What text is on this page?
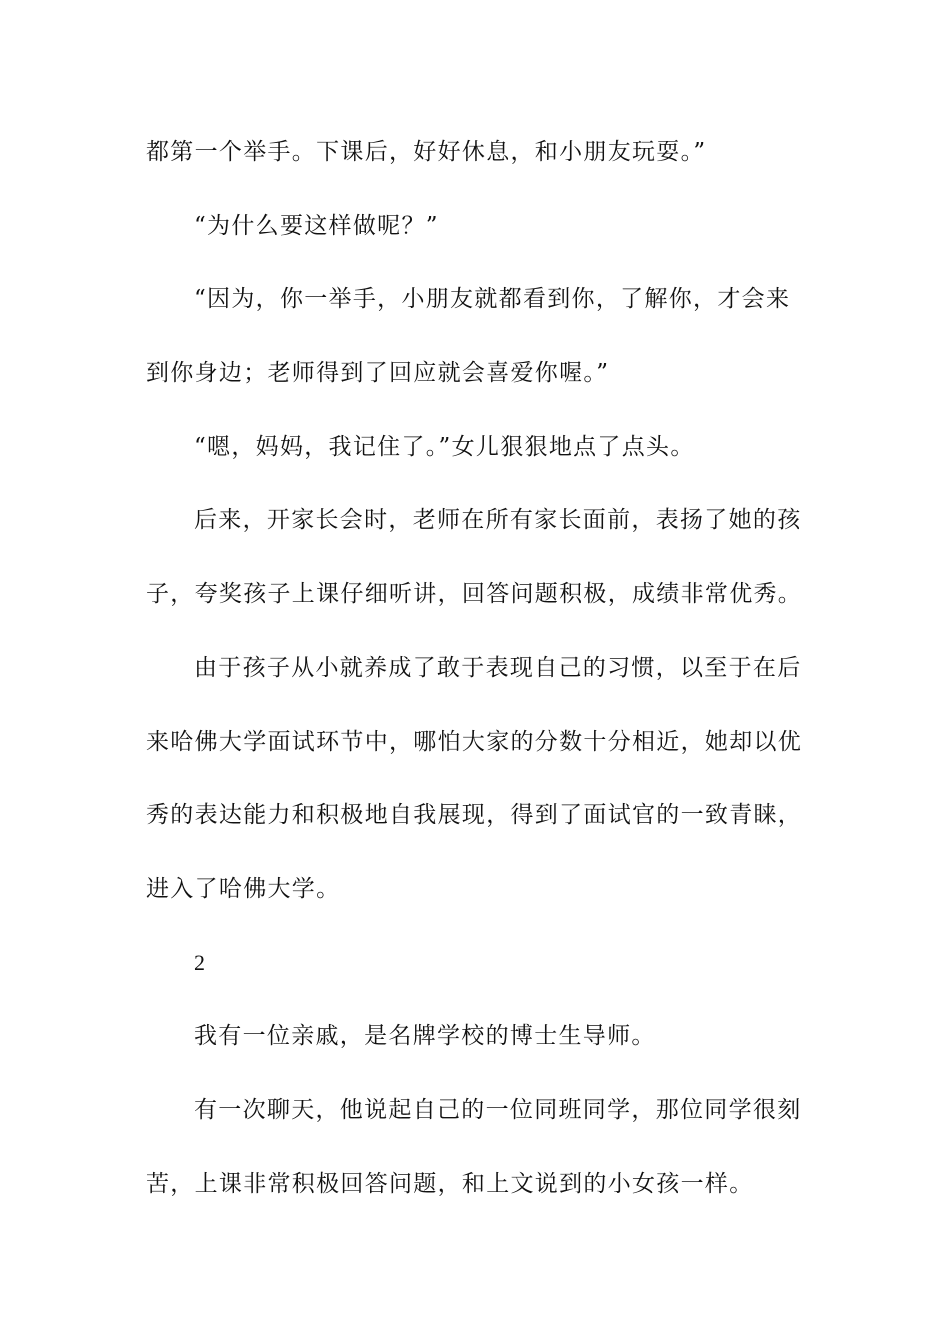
都第一个举手。下课后，好好休息，和小朋友玩耍。”
“为什么要这样做呢？”
“因为，你一举手，小朋友就都看到你，了解你，才会来
到你身边；老师得到了回应就会喜爱你喔。”
“嗯，妈妈，我记住了。”女儿狠狠地点了点头。
后来，开家长会时，老师在所有家长面前，表扬了她的孩
子，夸奖孩子上课仔细听讲，回答问题积极，成绩非常优秀。
由于孩子从小就养成了敢于表现自己的习惯，以至于在后
来哈佛大学面试环节中，哪怕大家的分数十分相近，她却以优
秀的表达能力和积极地自我展现，得到了面试官的一致青睐，
进入了哈佛大学。
2
我有一位亲戚，是名牌学校的博士生导师。
有一次聊天，他说起自己的一位同班同学，那位同学很刻
苦，上课非常积极回答问题，和上文说到的小女孩一样。
